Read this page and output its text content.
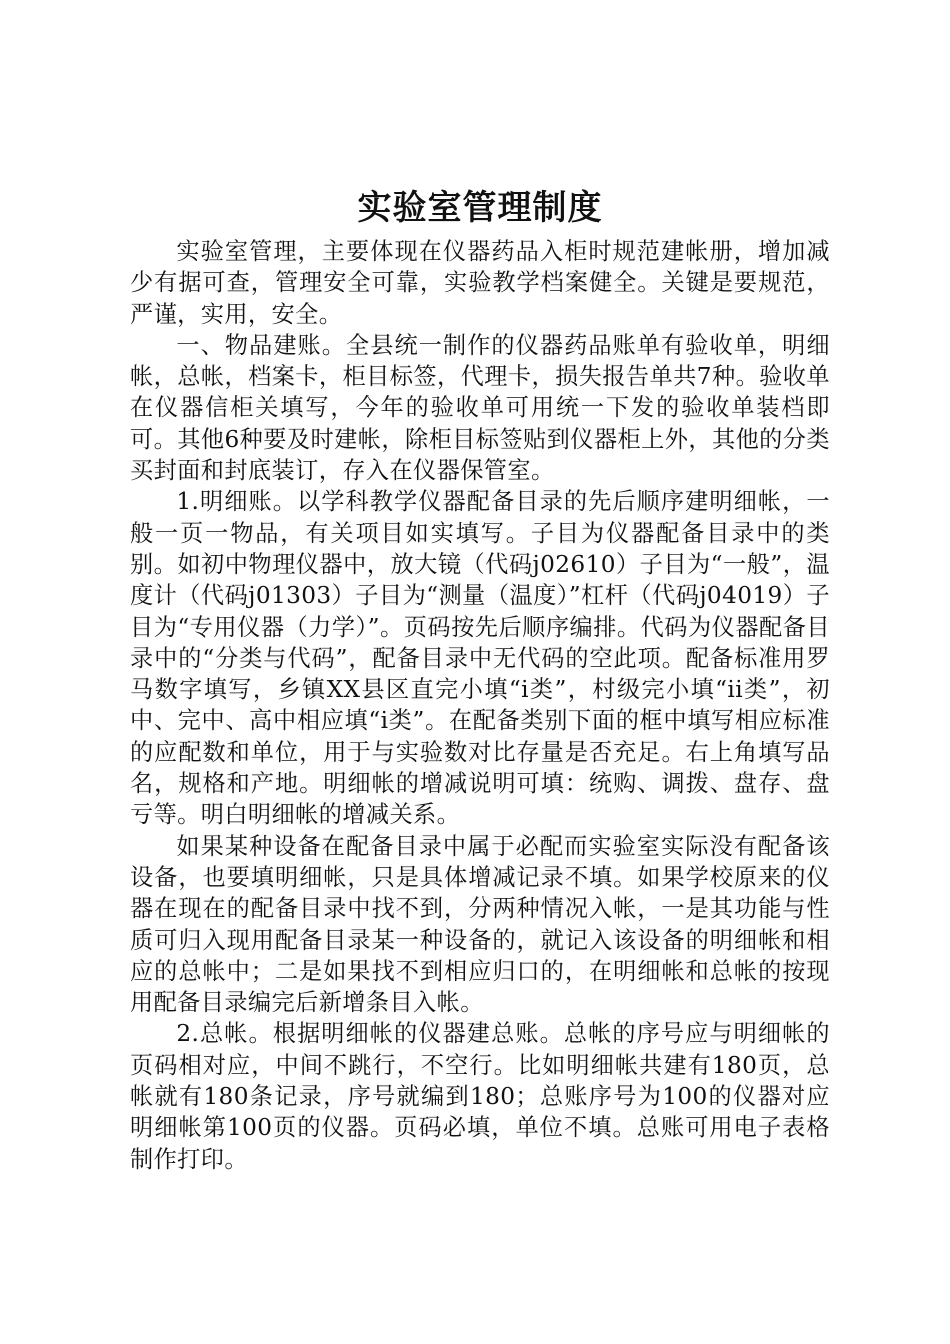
实验室管理制度

实验室管理，主要体现在仪器药品入柜时规范建帐册，增加减少有据可查，管理安全可靠，实验教学档案健全。关键是要规范，严谨，实用，安全。

一、物品建账。全县统一制作的仪器药品账单有验收单，明细帐，总帐，档案卡，柜目标签，代理卡，损失报告单共7种。验收单在仪器信柜关填写，今年的验收单可用统一下发的验收单装档即可。其他6种要及时建帐，除柜目标签贴到仪器柜上外，其他的分类买封面和封底装订，存入在仪器保管室。

1.明细账。以学科教学仪器配备目录的先后顺序建明细帐，一般一页一物品，有关项目如实填写。子目为仪器配备目录中的类别。如初中物理仪器中，放大镜（代码j02610）子目为“一般”，温度计（代码j01303）子目为“测量（温度）”杠杆（代码j04019）子目为“专用仪器（力学）”。页码按先后顺序编排。代码为仪器配备目录中的“分类与代码”，配备目录中无代码的空此项。配备标准用罗马数字填写，乡镇XX县区直完小填“i类”，村级完小填“ii类”，初中、完中、高中相应填“i类”。在配备类别下面的框中填写相应标准的应配数和单位，用于与实验数对比存量是否充足。右上角填写品名，规格和产地。明细帐的增减说明可填：统购、调拨、盘存、盘亏等。明白明细帐的增减关系。

如果某种设备在配备目录中属于必配而实验室实际没有配备该设备，也要填明细帐，只是具体增减记录不填。如果学校原来的仪器在现在的配备目录中找不到，分两种情况入帐，一是其功能与性质可归入现用配备目录某一种设备的，就记入该设备的明细帐和相应的总帐中；二是如果找不到相应归口的，在明细帐和总帐的按现用配备目录编完后新增条目入帐。

2.总帐。根据明细帐的仪器建总账。总帐的序号应与明细帐的页码相对应，中间不跳行，不空行。比如明细帐共建有180页，总帐就有180条记录，序号就编到180；总账序号为100的仪器对应明细帐第100页的仪器。页码必填，单位不填。总账可用电子表格制作打印。
